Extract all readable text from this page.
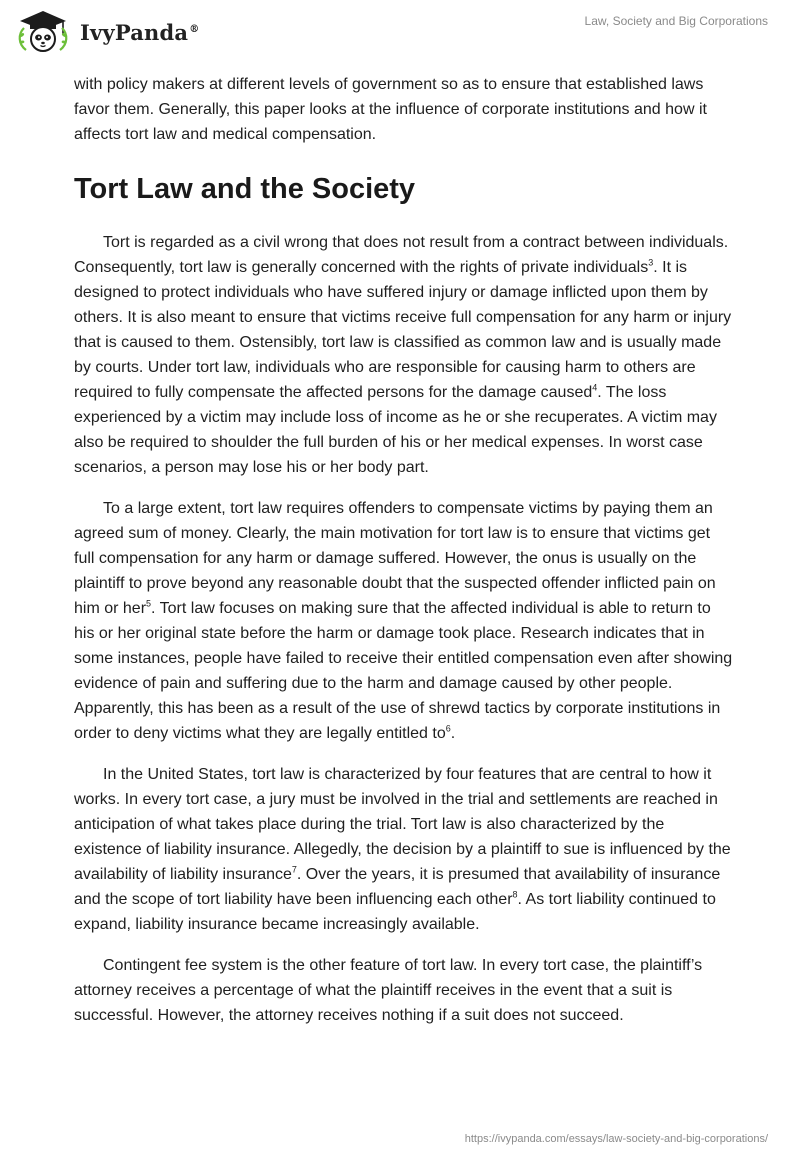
IvyPanda®
Law, Society and Big Corporations

with policy makers at different levels of government so as to ensure that established laws favor them. Generally, this paper looks at the influence of corporate institutions and how it affects tort law and medical compensation.

Tort Law and the Society

Tort is regarded as a civil wrong that does not result from a contract between individuals. Consequently, tort law is generally concerned with the rights of private individuals$^3$. It is designed to protect individuals who have suffered injury or damage inflicted upon them by others. It is also meant to ensure that victims receive full compensation for any harm or injury that is caused to them. Ostensibly, tort law is classified as common law and is usually made by courts. Under tort law, individuals who are responsible for causing harm to others are required to fully compensate the affected persons for the damage caused$^4$. The loss experienced by a victim may include loss of income as he or she recuperates. A victim may also be required to shoulder the full burden of his or her medical expenses. In worst case scenarios, a person may lose his or her body part.

To a large extent, tort law requires offenders to compensate victims by paying them an agreed sum of money. Clearly, the main motivation for tort law is to ensure that victims get full compensation for any harm or damage suffered. However, the onus is usually on the plaintiff to prove beyond any reasonable doubt that the suspected offender inflicted pain on him or her$^5$. Tort law focuses on making sure that the affected individual is able to return to his or her original state before the harm or damage took place. Research indicates that in some instances, people have failed to receive their entitled compensation even after showing evidence of pain and suffering due to the harm and damage caused by other people. Apparently, this has been as a result of the use of shrewd tactics by corporate institutions in order to deny victims what they are legally entitled $to^6$.

In the United States, tort law is characterized by four features that are central to how it works. In every tort case, a jury must be involved in the trial and settlements are reached in anticipation of what takes place during the trial. Tort law is also characterized by the existence of liability insurance. Allegedly, the decision by a plaintiff to sue is influenced by the availability of liability insurance$^7$. Over the years, it is presumed that availability of insurance and the scope of tort liability have been influencing each other$^8$. As tort liability continued to expand, liability insurance became increasingly available.

Contingent fee system is the other feature of tort law. In every tort case, the plaintiff’s attorney receives a percentage of what the plaintiff receives in the event that a suit is successful. However, the attorney receives nothing if a suit does not succeed.

https://ivypanda.com/essays/law-society-and-big-corporations/
